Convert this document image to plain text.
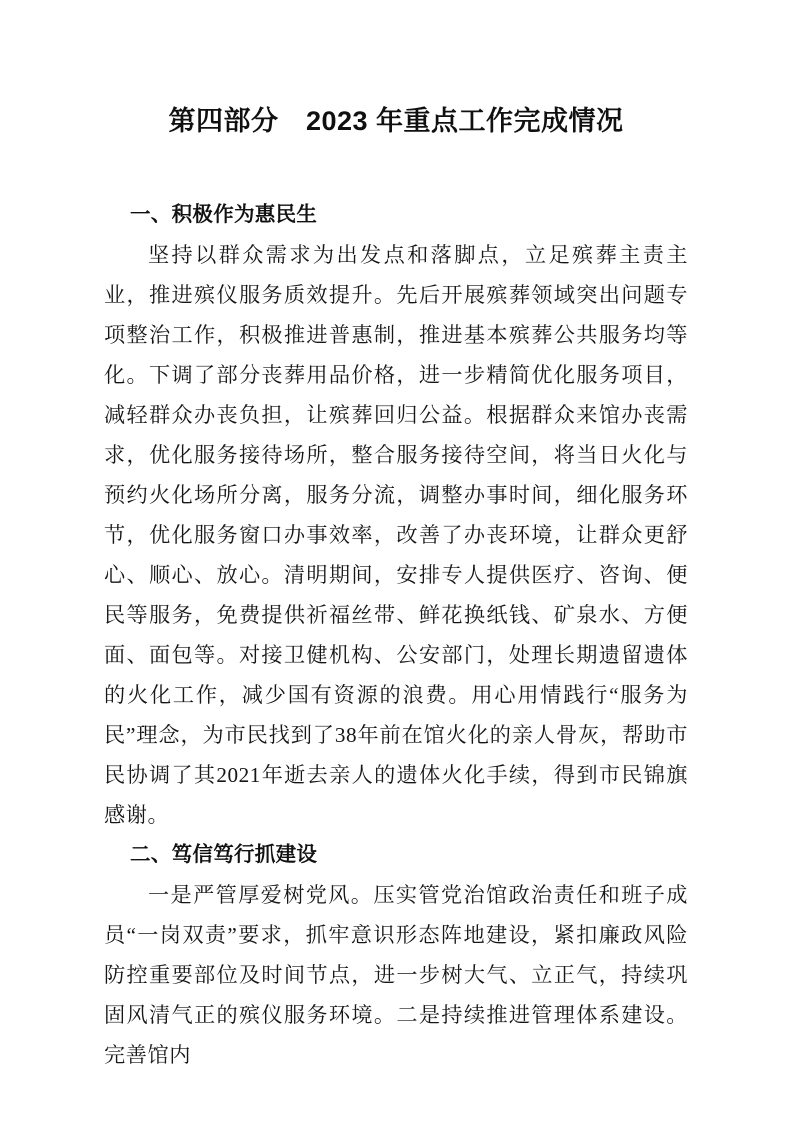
第四部分　2023 年重点工作完成情况
一、积极作为惠民生

坚持以群众需求为出发点和落脚点，立足殡葬主责主业，推进殡仪服务质效提升。先后开展殡葬领域突出问题专项整治工作，积极推进普惠制，推进基本殡葬公共服务均等化。下调了部分丧葬用品价格，进一步精简优化服务项目，减轻群众办丧负担，让殡葬回归公益。根据群众来馆办丧需求，优化服务接待场所，整合服务接待空间，将当日火化与预约火化场所分离，服务分流，调整办事时间，细化服务环节，优化服务窗口办事效率，改善了办丧环境，让群众更舒心、顺心、放心。清明期间，安排专人提供医疗、咨询、便民等服务，免费提供祈福丝带、鲜花换纸钱、矿泉水、方便面、面包等。对接卫健机构、公安部门，处理长期遗留遗体的火化工作，减少国有资源的浪费。用心用情践行“服务为民”理念，为市民找到了38年前在馆火化的亲人骨灰，帮助市民协调了其2021年逝去亲人的遗体火化手续，得到市民锦旗感谢。

二、笃信笃行抓建设

一是严管厚爱树党风。压实管党治馆政治责任和班子成员“一岗双责”要求，抓牢意识形态阵地建设，紧扣廉政风险防控重要部位及时间节点，进一步树大气、立正气，持续巩固风清气正的殡仪服务环境。二是持续推进管理体系建设。完善馆内
